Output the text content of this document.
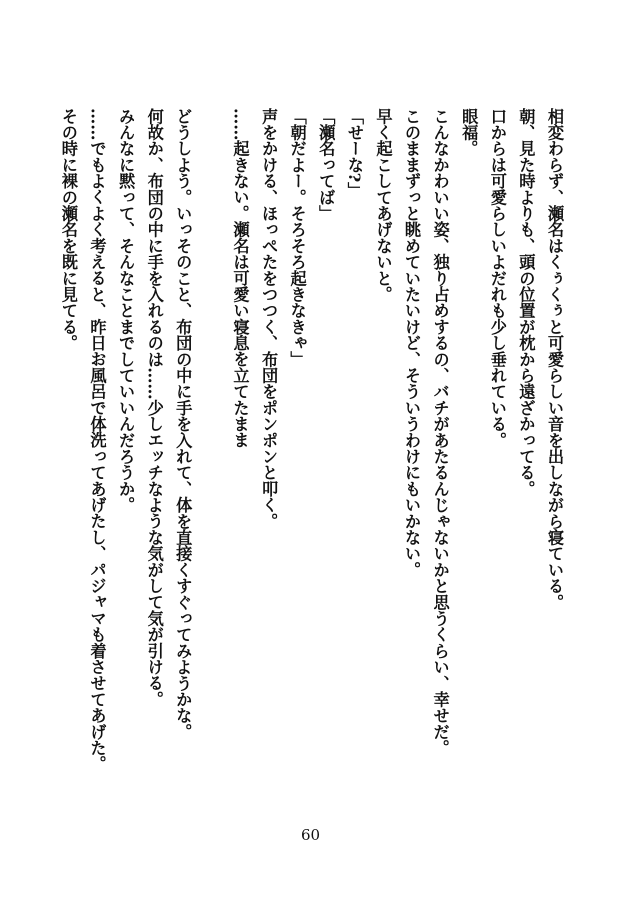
相変わらず、瀬名はくぅくぅと可愛らしい音を出しながら寝ている。
朝、見た時よりも、頭の位置が枕から遠ざかってる。
口からは可愛らしいよだれも少し垂れている。
眼福。
こんなかわいい姿、独り占めするの、バチがあたるんじゃないかと思うくらい、幸せだ。
このままずっと眺めていたいけど、そういうわけにもいかない。
早く起こしてあげないと。
「せーな?」
「瀬名ってば」
「朝だよー。そろそろ起きなきゃ」
声をかける、ほっぺたをつつく、布団をポンポンと叩く。
……起きない。瀬名は可愛い寝息を立てたまま
どうしよう。いっそのこと、布団の中に手を入れて、体を直接くすぐってみようかな。
何故か、布団の中に手を入れるのは……少しエッチなような気がして気が引ける。
みんなに黙って、そんなことまでしていいんだろうか。
……でもよくよく考えると、昨日お風呂で体洗ってあげたし、パジャマも着させてあげた。
その時に裸の瀬名を既に見てる。
60
